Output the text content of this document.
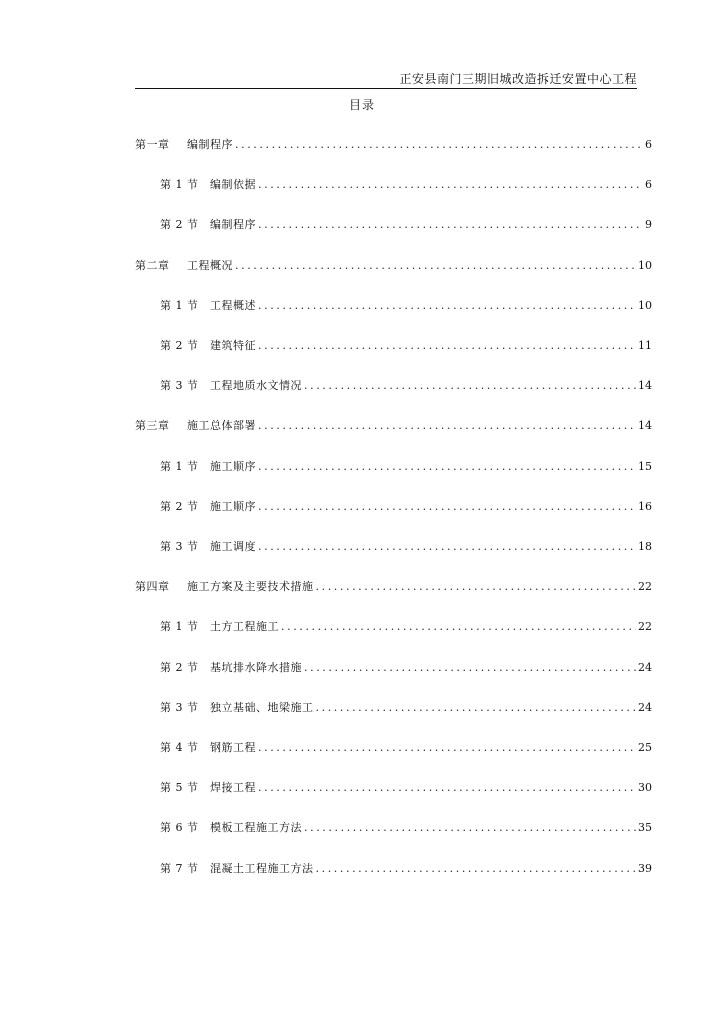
正安县南门三期旧城改造拆迁安置中心工程
目录
第一章	编制程序 .....	6
第 1 节	编制依据 .....	6
第 2 节	编制程序 .....	9
第二章	工程概况 .....	10
第 1 节	工程概述 .....	10
第 2 节	建筑特征 .....	11
第 3 节	工程地质水文情况 .....	14
第三章	施工总体部署 .....	14
第 1 节	施工顺序 .....	15
第 2 节	施工顺序 .....	16
第 3 节	施工调度 .....	18
第四章	施工方案及主要技术措施 .....	22
第 1 节	土方工程施工 .....	22
第 2 节	基坑排水降水措施 .....	24
第 3 节	独立基础、地梁施工 .....	24
第 4 节	钢筋工程 .....	25
第 5 节	焊接工程 .....	30
第 6 节	模板工程施工方法 .....	35
第 7 节	混凝土工程施工方法 .....	39
